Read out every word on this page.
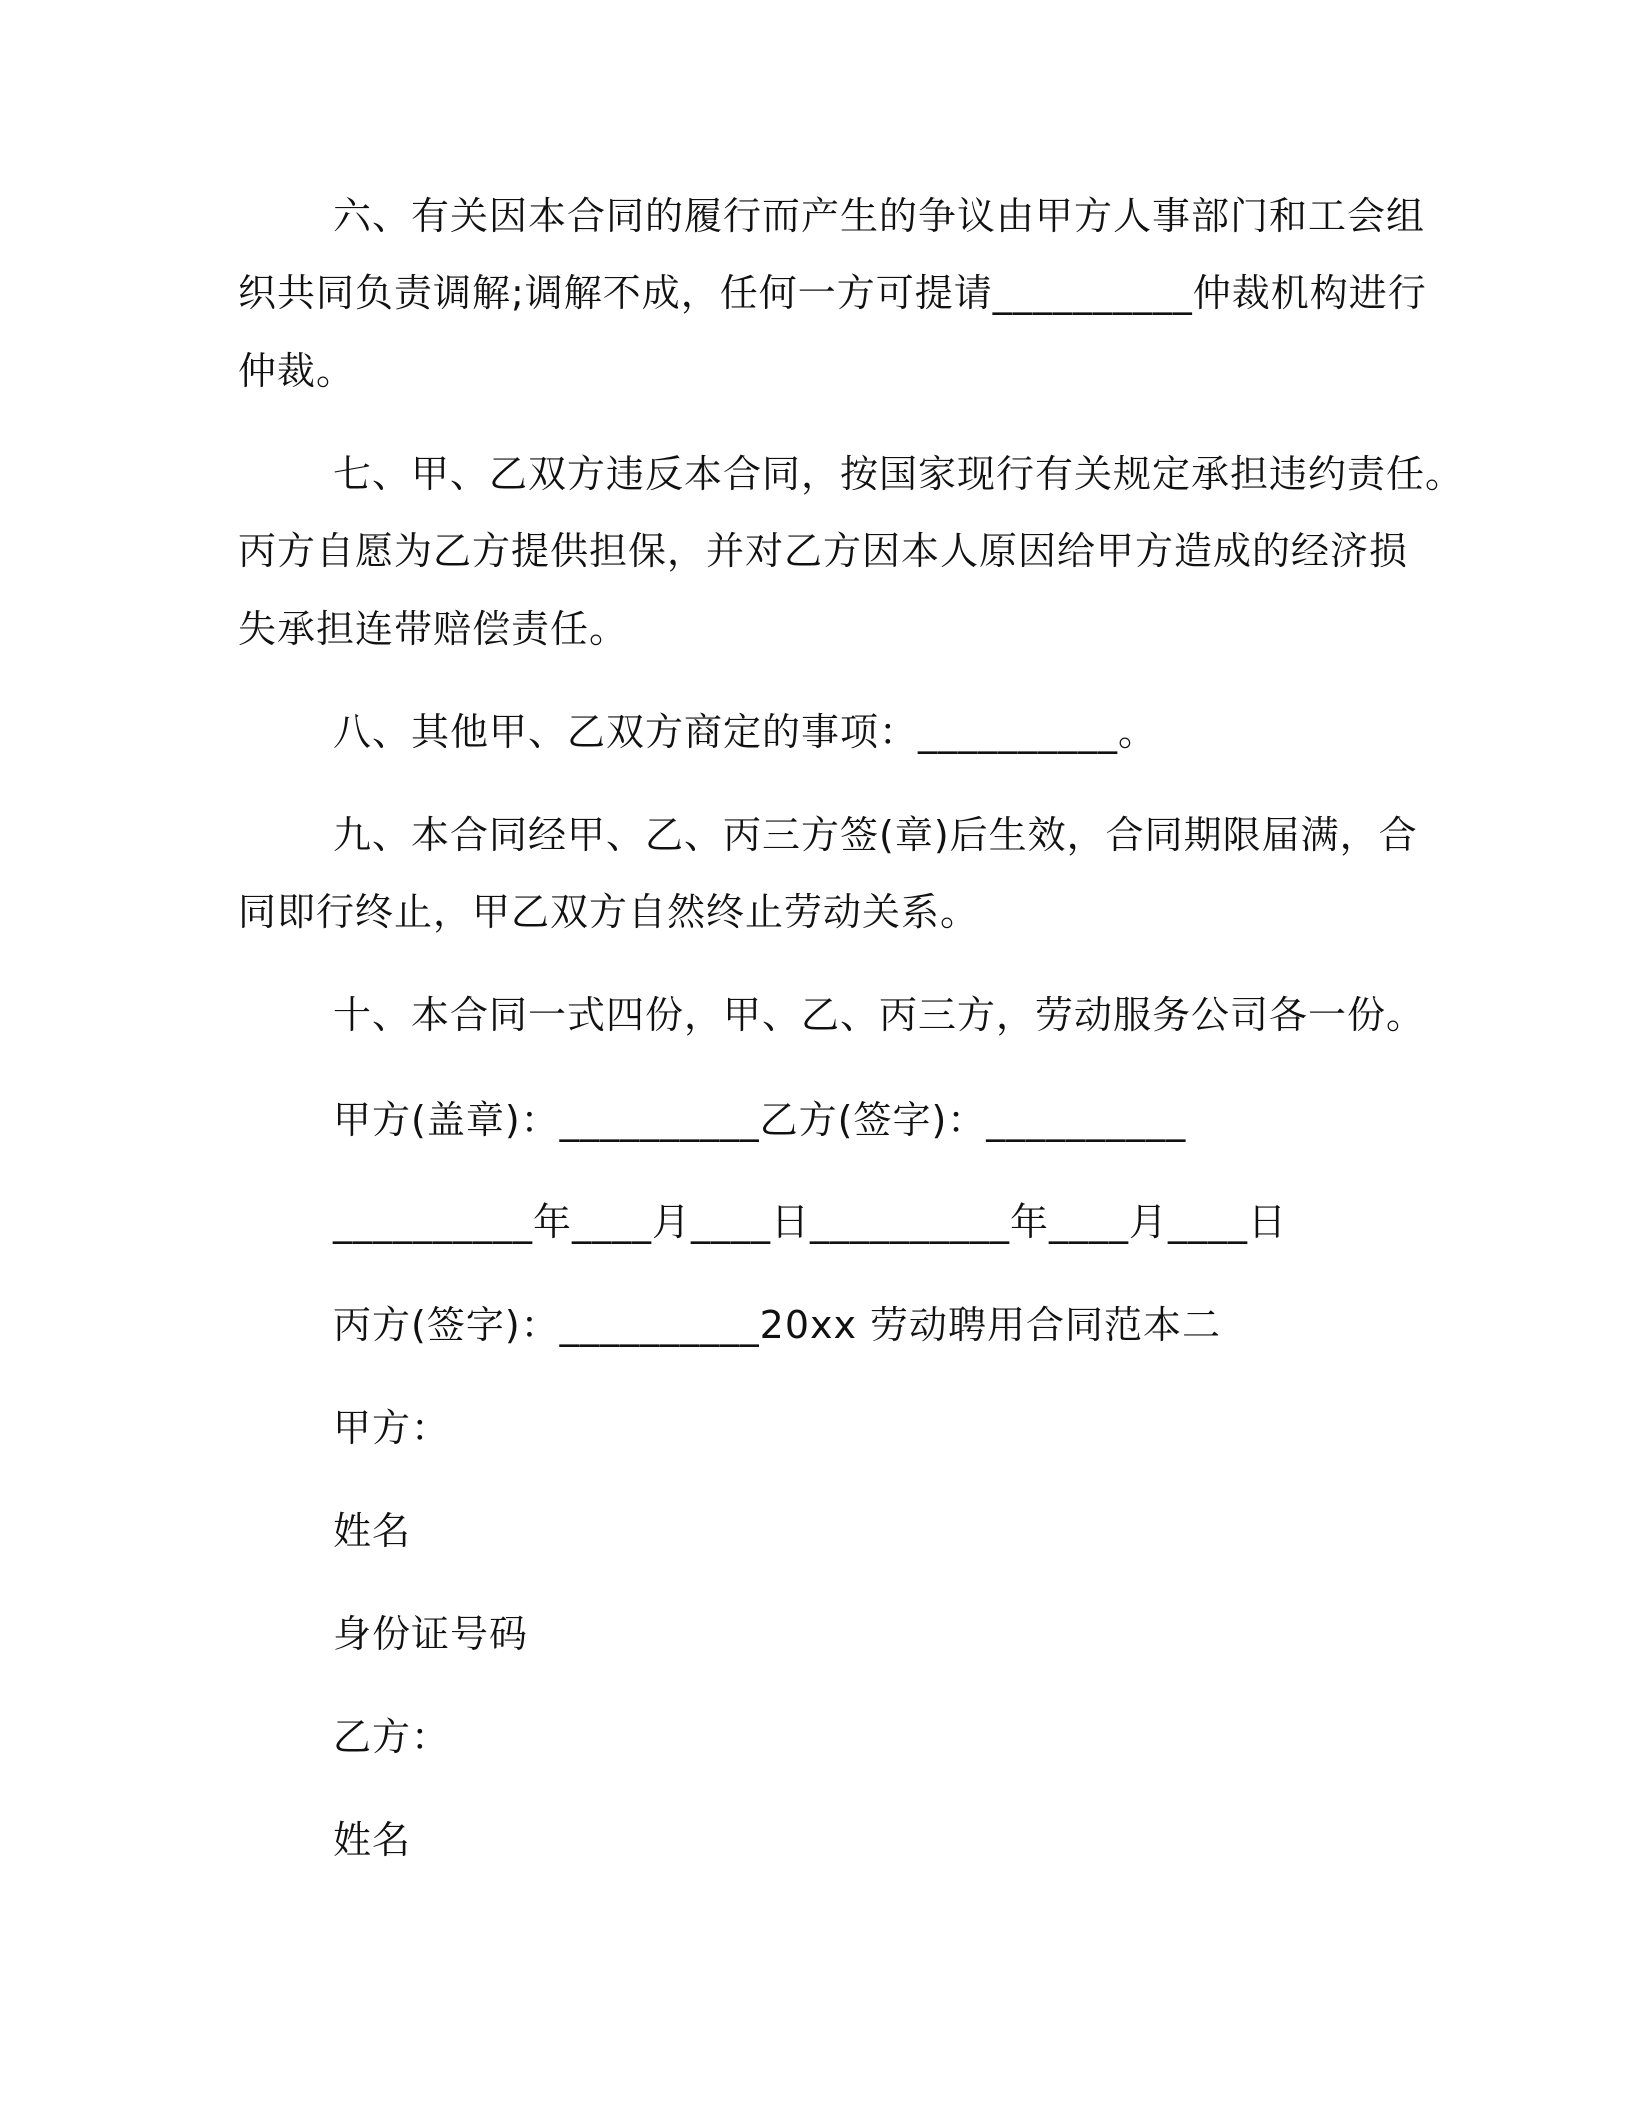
六、有关因本合同的履行而产生的争议由甲方人事部门和工会组
织共同负责调解;调解不成，任何一方可提请__________仲裁机构进行
仲裁。
七、甲、乙双方违反本合同，按国家现行有关规定承担违约责任。
丙方自愿为乙方提供担保，并对乙方因本人原因给甲方造成的经济损
失承担连带赔偿责任。
八、其他甲、乙双方商定的事项：__________。
九、本合同经甲、乙、丙三方签(章)后生效，合同期限届满，合
同即行终止，甲乙双方自然终止劳动关系。
十、本合同一式四份，甲、乙、丙三方，劳动服务公司各一份。
甲方(盖章)：__________乙方(签字)：__________
__________年____月____日__________年____月____日
丙方(签字)：__________20xx 劳动聘用合同范本二
甲方：
姓名
身份证号码
乙方：
姓名
